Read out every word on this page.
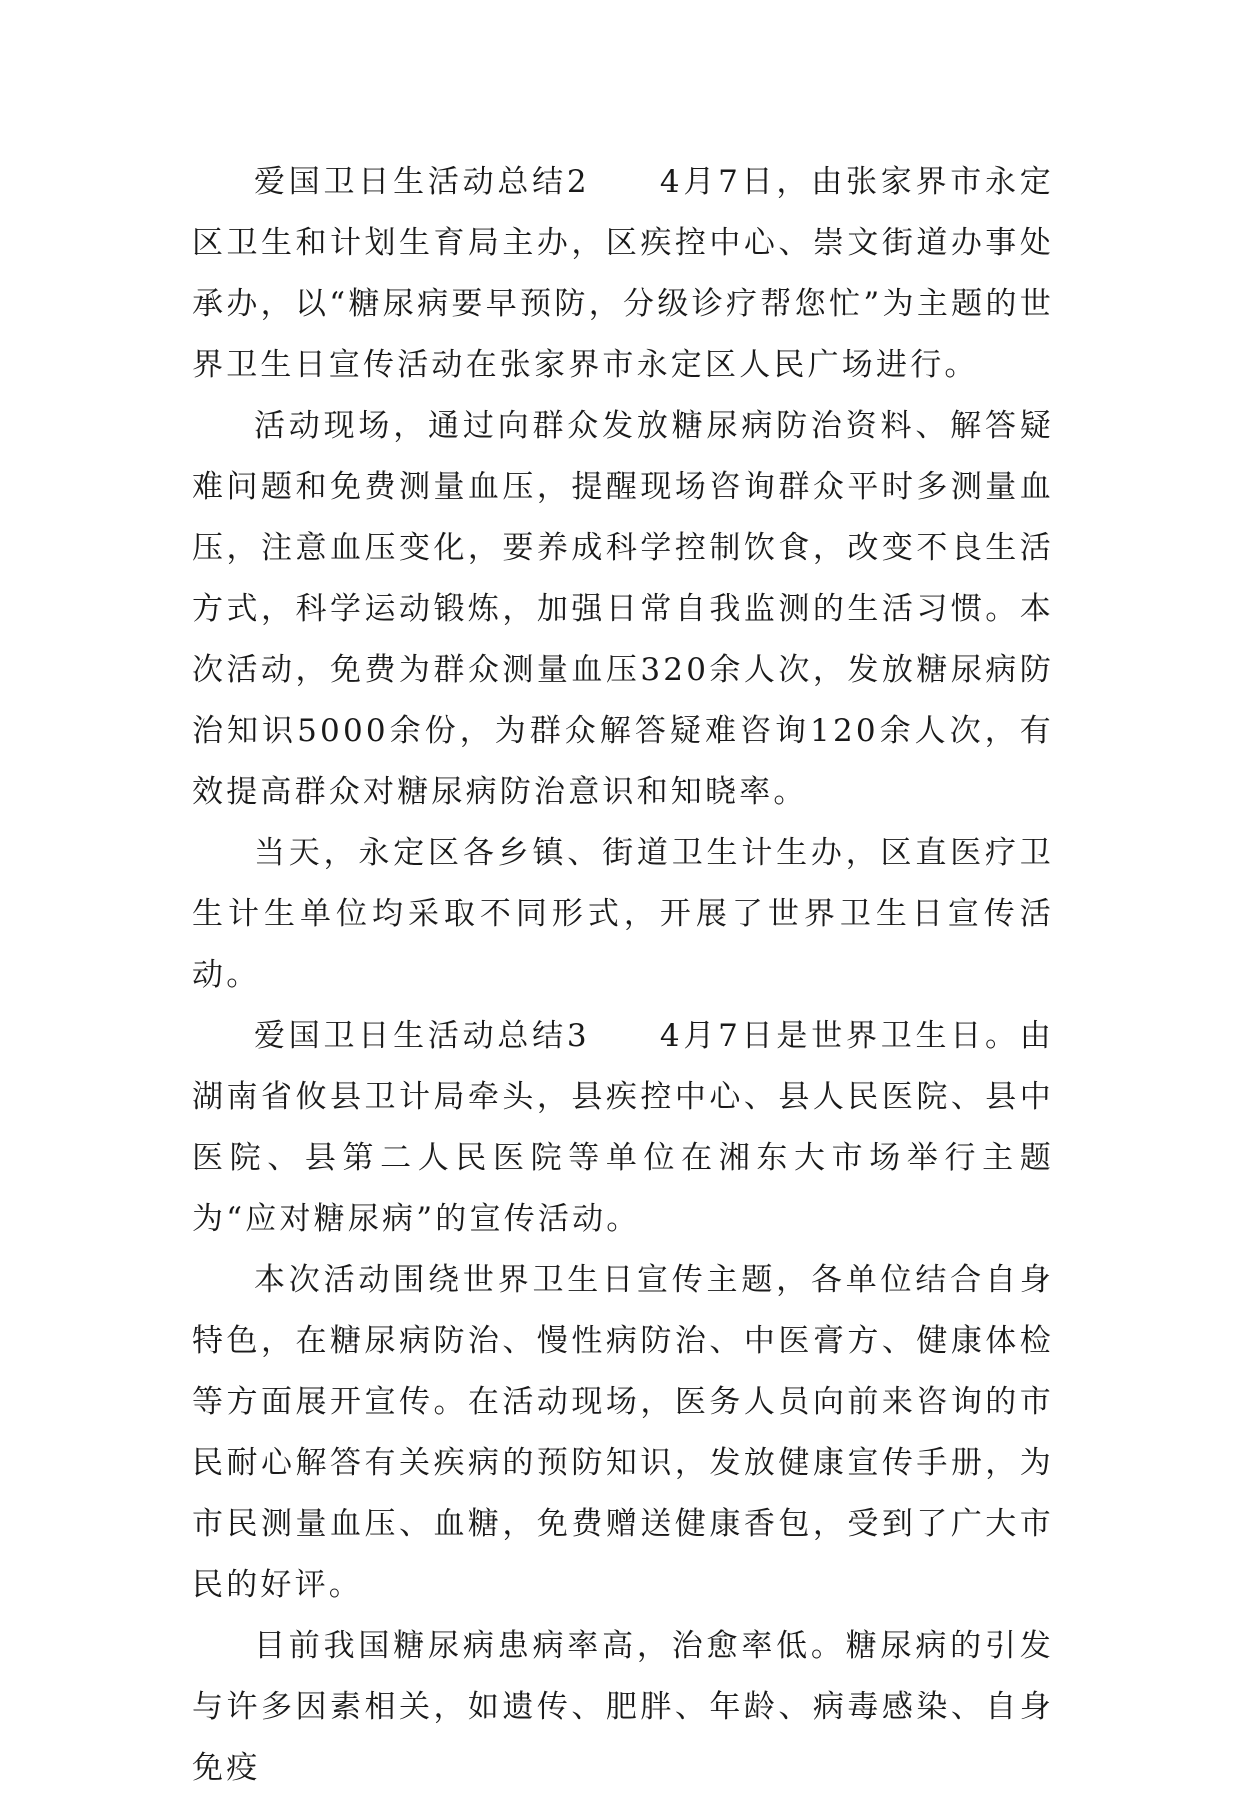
爱国卫日生活动总结2　　4月7日，由张家界市永定区卫生和计划生育局主办，区疾控中心、崇文街道办事处承办，以“糖尿病要早预防，分级诊疗帮您忙”为主题的世界卫生日宣传活动在张家界市永定区人民广场进行。

活动现场，通过向群众发放糖尿病防治资料、解答疑难问题和免费测量血压，提醒现场咨询群众平时多测量血压，注意血压变化，要养成科学控制饮食，改变不良生活方式，科学运动锻炼，加强日常自我监测的生活习惯。本次活动，免费为群众测量血压320余人次，发放糖尿病防治知识5000余份，为群众解答疑难咨询120余人次，有效提高群众对糖尿病防治意识和知晓率。

当天，永定区各乡镇、街道卫生计生办，区直医疗卫生计生单位均采取不同形式，开展了世界卫生日宣传活动。

爱国卫日生活动总结3　　4月7日是世界卫生日。由湖南省攸县卫计局牵头，县疾控中心、县人民医院、县中医院、县第二人民医院等单位在湘东大市场举行主题为“应对糖尿病”的宣传活动。

本次活动围绕世界卫生日宣传主题，各单位结合自身特色，在糖尿病防治、慢性病防治、中医膏方、健康体检等方面展开宣传。在活动现场，医务人员向前来咨询的市民耐心解答有关疾病的预防知识，发放健康宣传手册，为市民测量血压、血糖，免费赠送健康香包，受到了广大市民的好评。

目前我国糖尿病患病率高，治愈率低。糖尿病的引发与许多因素相关，如遗传、肥胖、年龄、病毒感染、自身免疫
